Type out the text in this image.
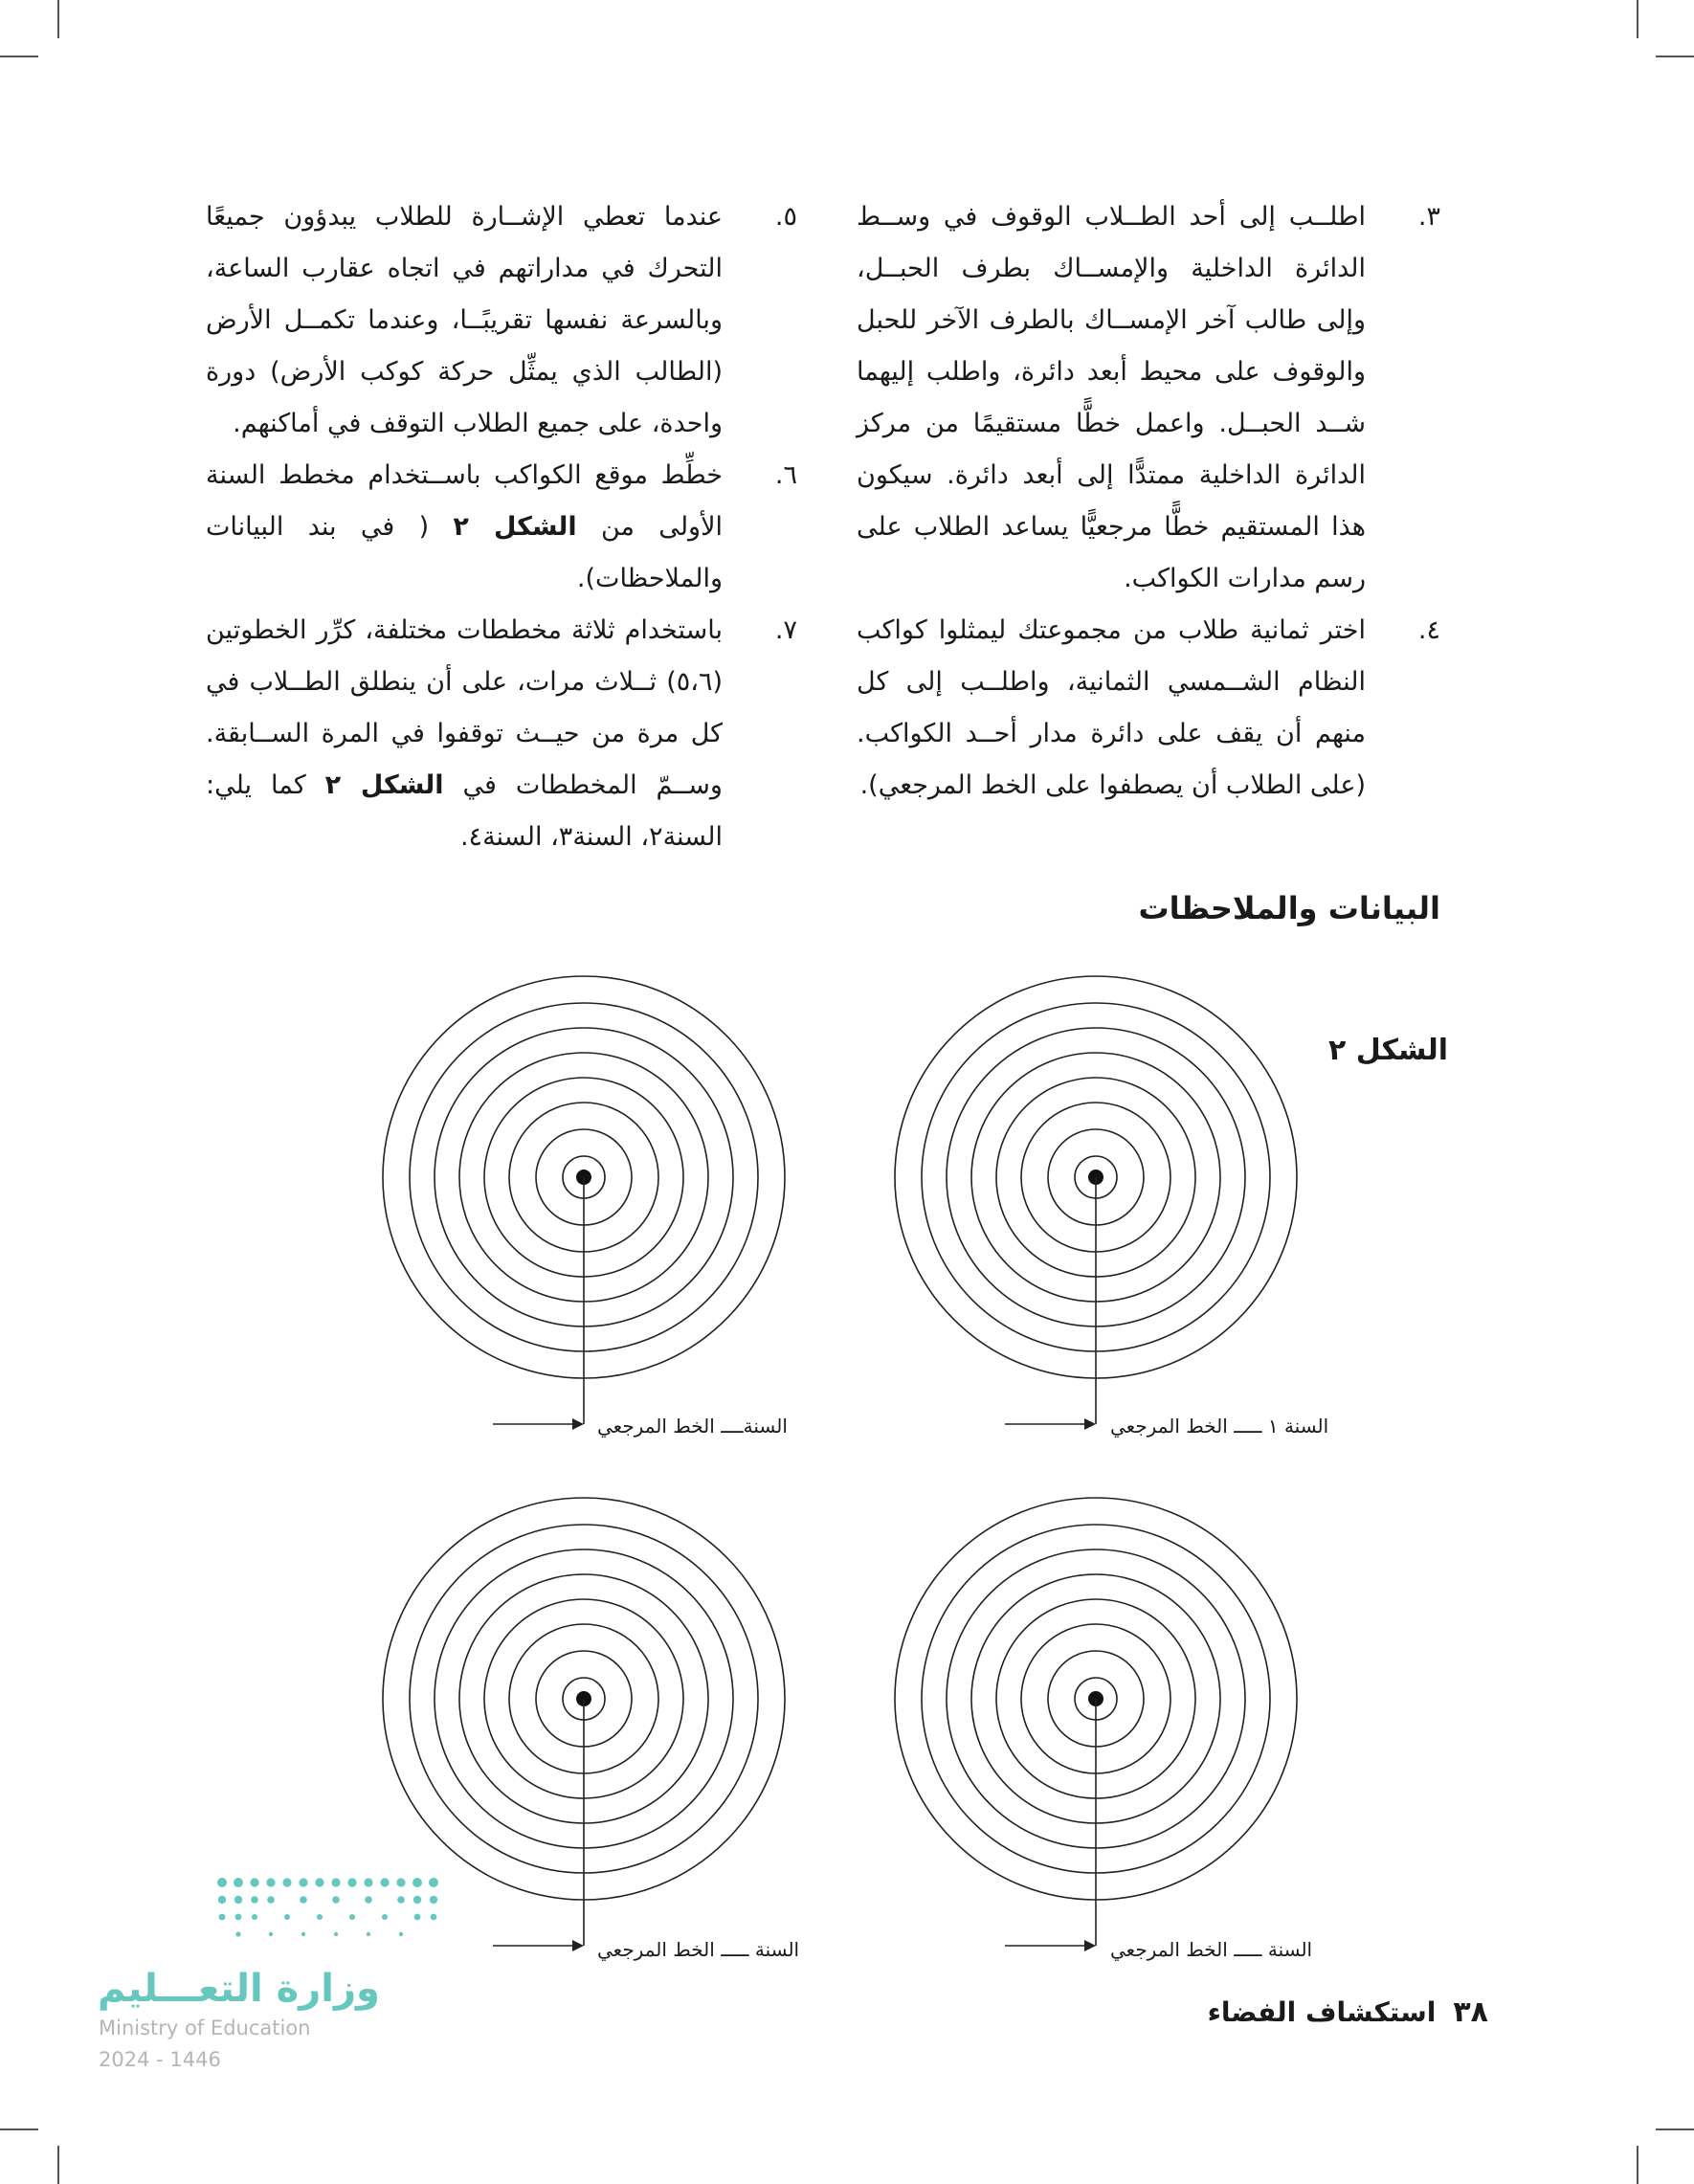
٣.
اطلــب إلى أحد الطــلاب الوقوف في وســط الدائرة الداخلية والإمســاك بطرف الحبــل، وإلى طالب آخر الإمســاك بالطرف الآخر للحبل والوقوف على محيط أبعد دائرة، واطلب إليهما شــد الحبــل. واعمل خطًّا مستقيمًا من مركز الدائرة الداخلية ممتدًّا إلى أبعد دائرة. سيكون هذا المستقيم خطًّا مرجعيًّا يساعد الطلاب على رسم مدارات الكواكب.
٤.
اختر ثمانية طلاب من مجموعتك ليمثلوا كواكب النظام الشــمسي الثمانية، واطلــب إلى كل منهم أن يقف على دائرة مدار أحــد الكواكب. (على الطلاب أن يصطفوا على الخط المرجعي).
٥.
عندما تعطي الإشــارة للطلاب يبدؤون جميعًا التحرك في مداراتهم في اتجاه عقارب الساعة، وبالسرعة نفسها تقريبًــا، وعندما تكمــل الأرض (الطالب الذي يمثِّل حركة كوكب الأرض) دورة واحدة، على جميع الطلاب التوقف في أماكنهم.
٦.
خطِّط موقع الكواكب باســتخدام مخطط السنة الأولى من الشكل ٢ ( في بند البيانات والملاحظات).
٧.
باستخدام ثلاثة مخططات مختلفة، كرِّر الخطوتين (٥،٦) ثــلاث مرات، على أن ينطلق الطــلاب في كل مرة من حيــث توقفوا في المرة الســابقة. وســمّ المخططات في الشكل ٢ كما يلي: السنة٢، السنة٣، السنة٤.
البيانات والملاحظات
الشكل ٢
السنة ١ ـــــ الخط المرجعي
السنةــــ الخط المرجعي
السنة ـــــ الخط المرجعي
السنة ـــــ الخط المرجعي
وزارة التعـــليم
Ministry of Education
2024 - 1446
٣٨استكشاف الفضاء
